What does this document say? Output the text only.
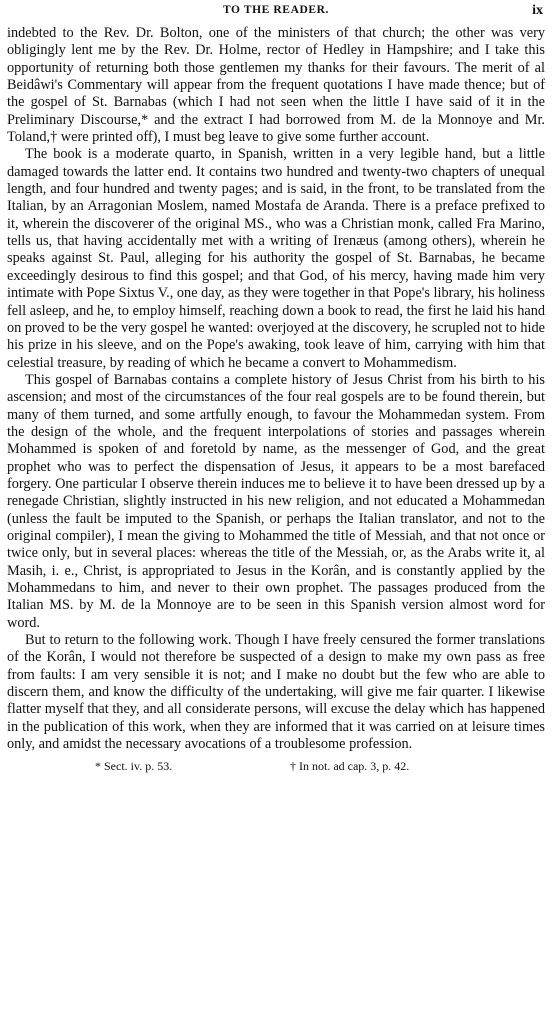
TO THE READER.	ix

indebted to the Rev. Dr. Bolton, one of the ministers of that church; the other was very obligingly lent me by the Rev. Dr. Holme, rector of Hedley in Hampshire; and I take this opportunity of returning both those gentlemen my thanks for their favours. The merit of al Beidâwi's Commentary will appear from the frequent quotations I have made thence; but of the gospel of St. Barnabas (which I had not seen when the little I have said of it in the Preliminary Discourse,* and the extract I had borrowed from M. de la Monnoye and Mr. Toland,† were printed off), I must beg leave to give some further account.

The book is a moderate quarto, in Spanish, written in a very legible hand, but a little damaged towards the latter end. It contains two hundred and twenty-two chapters of unequal length, and four hundred and twenty pages; and is said, in the front, to be translated from the Italian, by an Arragonian Moslem, named Mostafa de Aranda. There is a preface prefixed to it, wherein the discoverer of the original MS., who was a Christian monk, called Fra Marino, tells us, that having accidentally met with a writing of Irenæus (among others), wherein he speaks against St. Paul, alleging for his authority the gospel of St. Barnabas, he became exceedingly desirous to find this gospel; and that God, of his mercy, having made him very intimate with Pope Sixtus V., one day, as they were together in that Pope's library, his holiness fell asleep, and he, to employ himself, reaching down a book to read, the first he laid his hand on proved to be the very gospel he wanted: overjoyed at the discovery, he scrupled not to hide his prize in his sleeve, and on the Pope's awaking, took leave of him, carrying with him that celestial treasure, by reading of which he became a convert to Mohammedism.

This gospel of Barnabas contains a complete history of Jesus Christ from his birth to his ascension; and most of the circumstances of the four real gospels are to be found therein, but many of them turned, and some artfully enough, to favour the Mohammedan system. From the design of the whole, and the frequent interpolations of stories and passages wherein Mohammed is spoken of and foretold by name, as the messenger of God, and the great prophet who was to perfect the dispensation of Jesus, it appears to be a most barefaced forgery. One particular I observe therein induces me to believe it to have been dressed up by a renegade Christian, slightly instructed in his new religion, and not educated a Mohammedan (unless the fault be imputed to the Spanish, or perhaps the Italian translator, and not to the original compiler), I mean the giving to Mohammed the title of Messiah, and that not once or twice only, but in several places: whereas the title of the Messiah, or, as the Arabs write it, al Masih, i. e., Christ, is appropriated to Jesus in the Korân, and is constantly applied by the Mohammedans to him, and never to their own prophet. The passages produced from the Italian MS. by M. de la Monnoye are to be seen in this Spanish version almost word for word.

But to return to the following work. Though I have freely censured the former translations of the Korân, I would not therefore be suspected of a design to make my own pass as free from faults: I am very sensible it is not; and I make no doubt but the few who are able to discern them, and know the difficulty of the undertaking, will give me fair quarter. I likewise flatter myself that they, and all considerate persons, will excuse the delay which has happened in the publication of this work, when they are informed that it was carried on at leisure times only, and amidst the necessary avocations of a troublesome profession.

* Sect. iv. p. 53.	† In not. ad cap. 3, p. 42.
